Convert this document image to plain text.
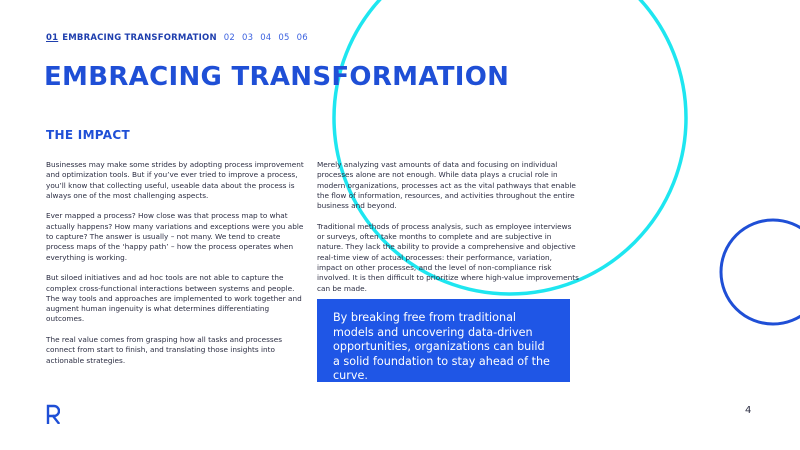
01 EMBRACING TRANSFORMATION 02 03 04 05 06
EMBRACING TRANSFORMATION
THE IMPACT

Businesses may make some strides by adopting process improvement and optimization tools. But if you’ve ever tried to improve a process, you’ll know that collecting useful, useable data about the process is always one of the most challenging aspects.

Ever mapped a process? How close was that process map to what actually happens? How many variations and exceptions were you able to capture? The answer is usually – not many. We tend to create process maps of the ‘happy path’ – how the process operates when everything is working.

But siloed initiatives and ad hoc tools are not able to capture the complex cross-functional interactions between systems and people. The way tools and approaches are implemented to work together and augment human ingenuity is what determines differentiating outcomes.

The real value comes from grasping how all tasks and processes connect from start to finish, and translating those insights into actionable strategies.

Merely analyzing vast amounts of data and focusing on individual processes alone are not enough. While data plays a crucial role in modern organizations, processes act as the vital pathways that enable the flow of information, resources, and activities throughout the entire business and beyond.

Traditional methods of process analysis, such as employee interviews or surveys, often take months to complete and are subjective in nature. They lack the ability to provide a comprehensive and objective real-time view of actual processes: their performance, variation, impact on other processes, and the level of non-compliance risk involved. It is then difficult to prioritize where high-value improvements can be made.

By breaking free from traditional models and uncovering data-driven opportunities, organizations can build a solid foundation to stay ahead of the curve.
4
